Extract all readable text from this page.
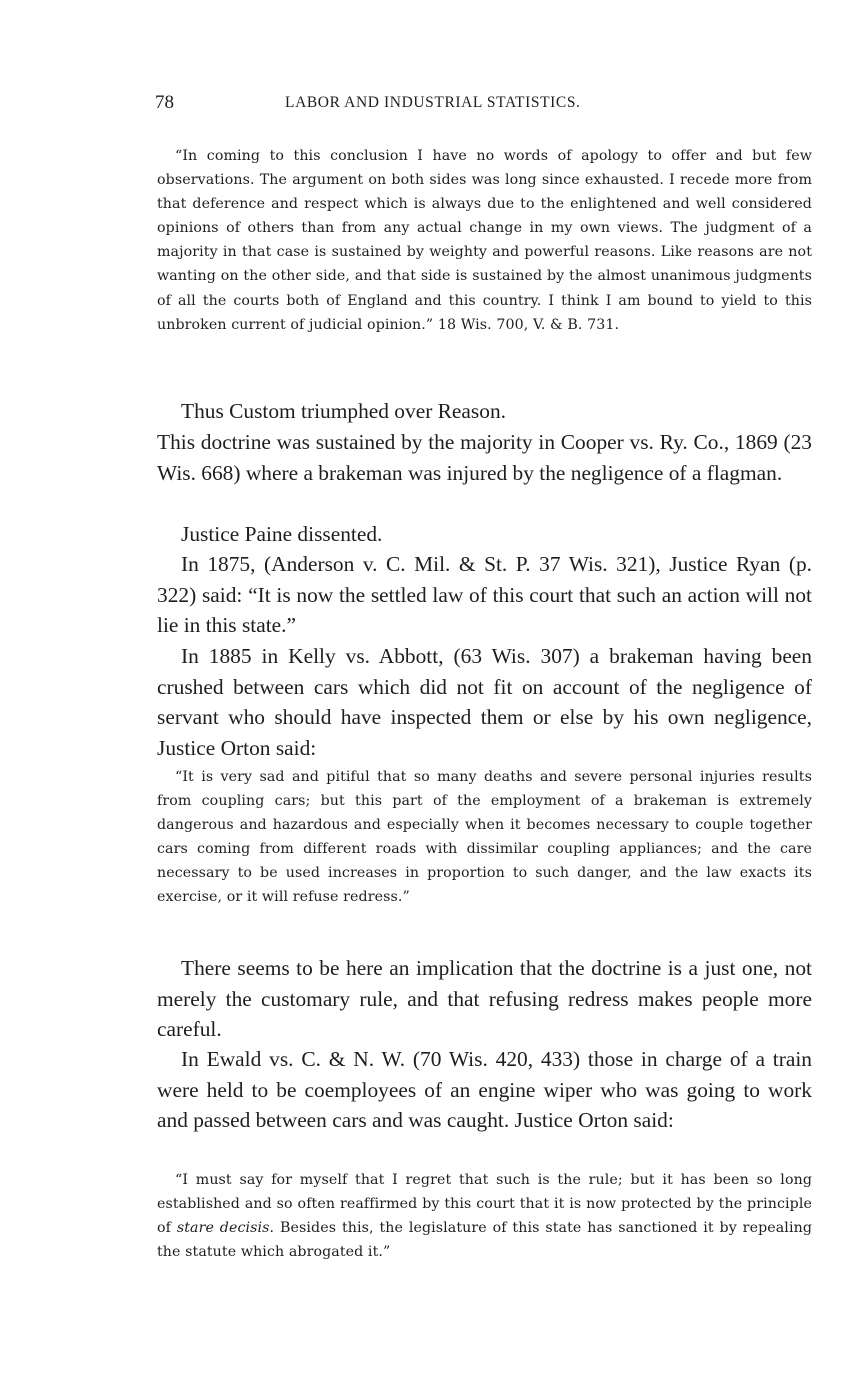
78	LABOR AND INDUSTRIAL STATISTICS.

“In coming to this conclusion I have no words of apology to offer and but few observations. The argument on both sides was long since exhausted. I recede more from that deference and respect which is always due to the enlightened and well considered opinions of others than from any actual change in my own views. The judgment of a majority in that case is sustained by weighty and powerful reasons. Like reasons are not wanting on the other side, and that side is sustained by the almost unanimous judgments of all the courts both of England and this country. I think I am bound to yield to this unbroken current of judicial opinion.” 18 Wis. 700, V. & B. 731.

Thus Custom triumphed over Reason.

This doctrine was sustained by the majority in Cooper vs. Ry. Co., 1869 (23 Wis. 668) where a brakeman was injured by the negligence of a flagman.

Justice Paine dissented.

In 1875, (Anderson v. C. Mil. & St. P. 37 Wis. 321), Justice Ryan (p. 322) said: “It is now the settled law of this court that such an action will not lie in this state.”

In 1885 in Kelly vs. Abbott, (63 Wis. 307) a brakeman having been crushed between cars which did not fit on account of the negligence of servant who should have inspected them or else by his own negligence, Justice Orton said:

“It is very sad and pitiful that so many deaths and severe personal injuries results from coupling cars; but this part of the employment of a brakeman is extremely dangerous and hazardous and especially when it becomes necessary to couple together cars coming from different roads with dissimilar coupling appliances; and the care necessary to be used increases in proportion to such danger, and the law exacts its exercise, or it will refuse redress.”

There seems to be here an implication that the doctrine is a just one, not merely the customary rule, and that refusing redress makes people more careful.

In Ewald vs. C. & N. W. (70 Wis. 420, 433) those in charge of a train were held to be coemployees of an engine wiper who was going to work and passed between cars and was caught. Justice Orton said:

“I must say for myself that I regret that such is the rule; but it has been so long established and so often reaffirmed by this court that it is now protected by the principle of stare decisis. Besides this, the legislature of this state has sanctioned it by repealing the statute which abrogated it.”
